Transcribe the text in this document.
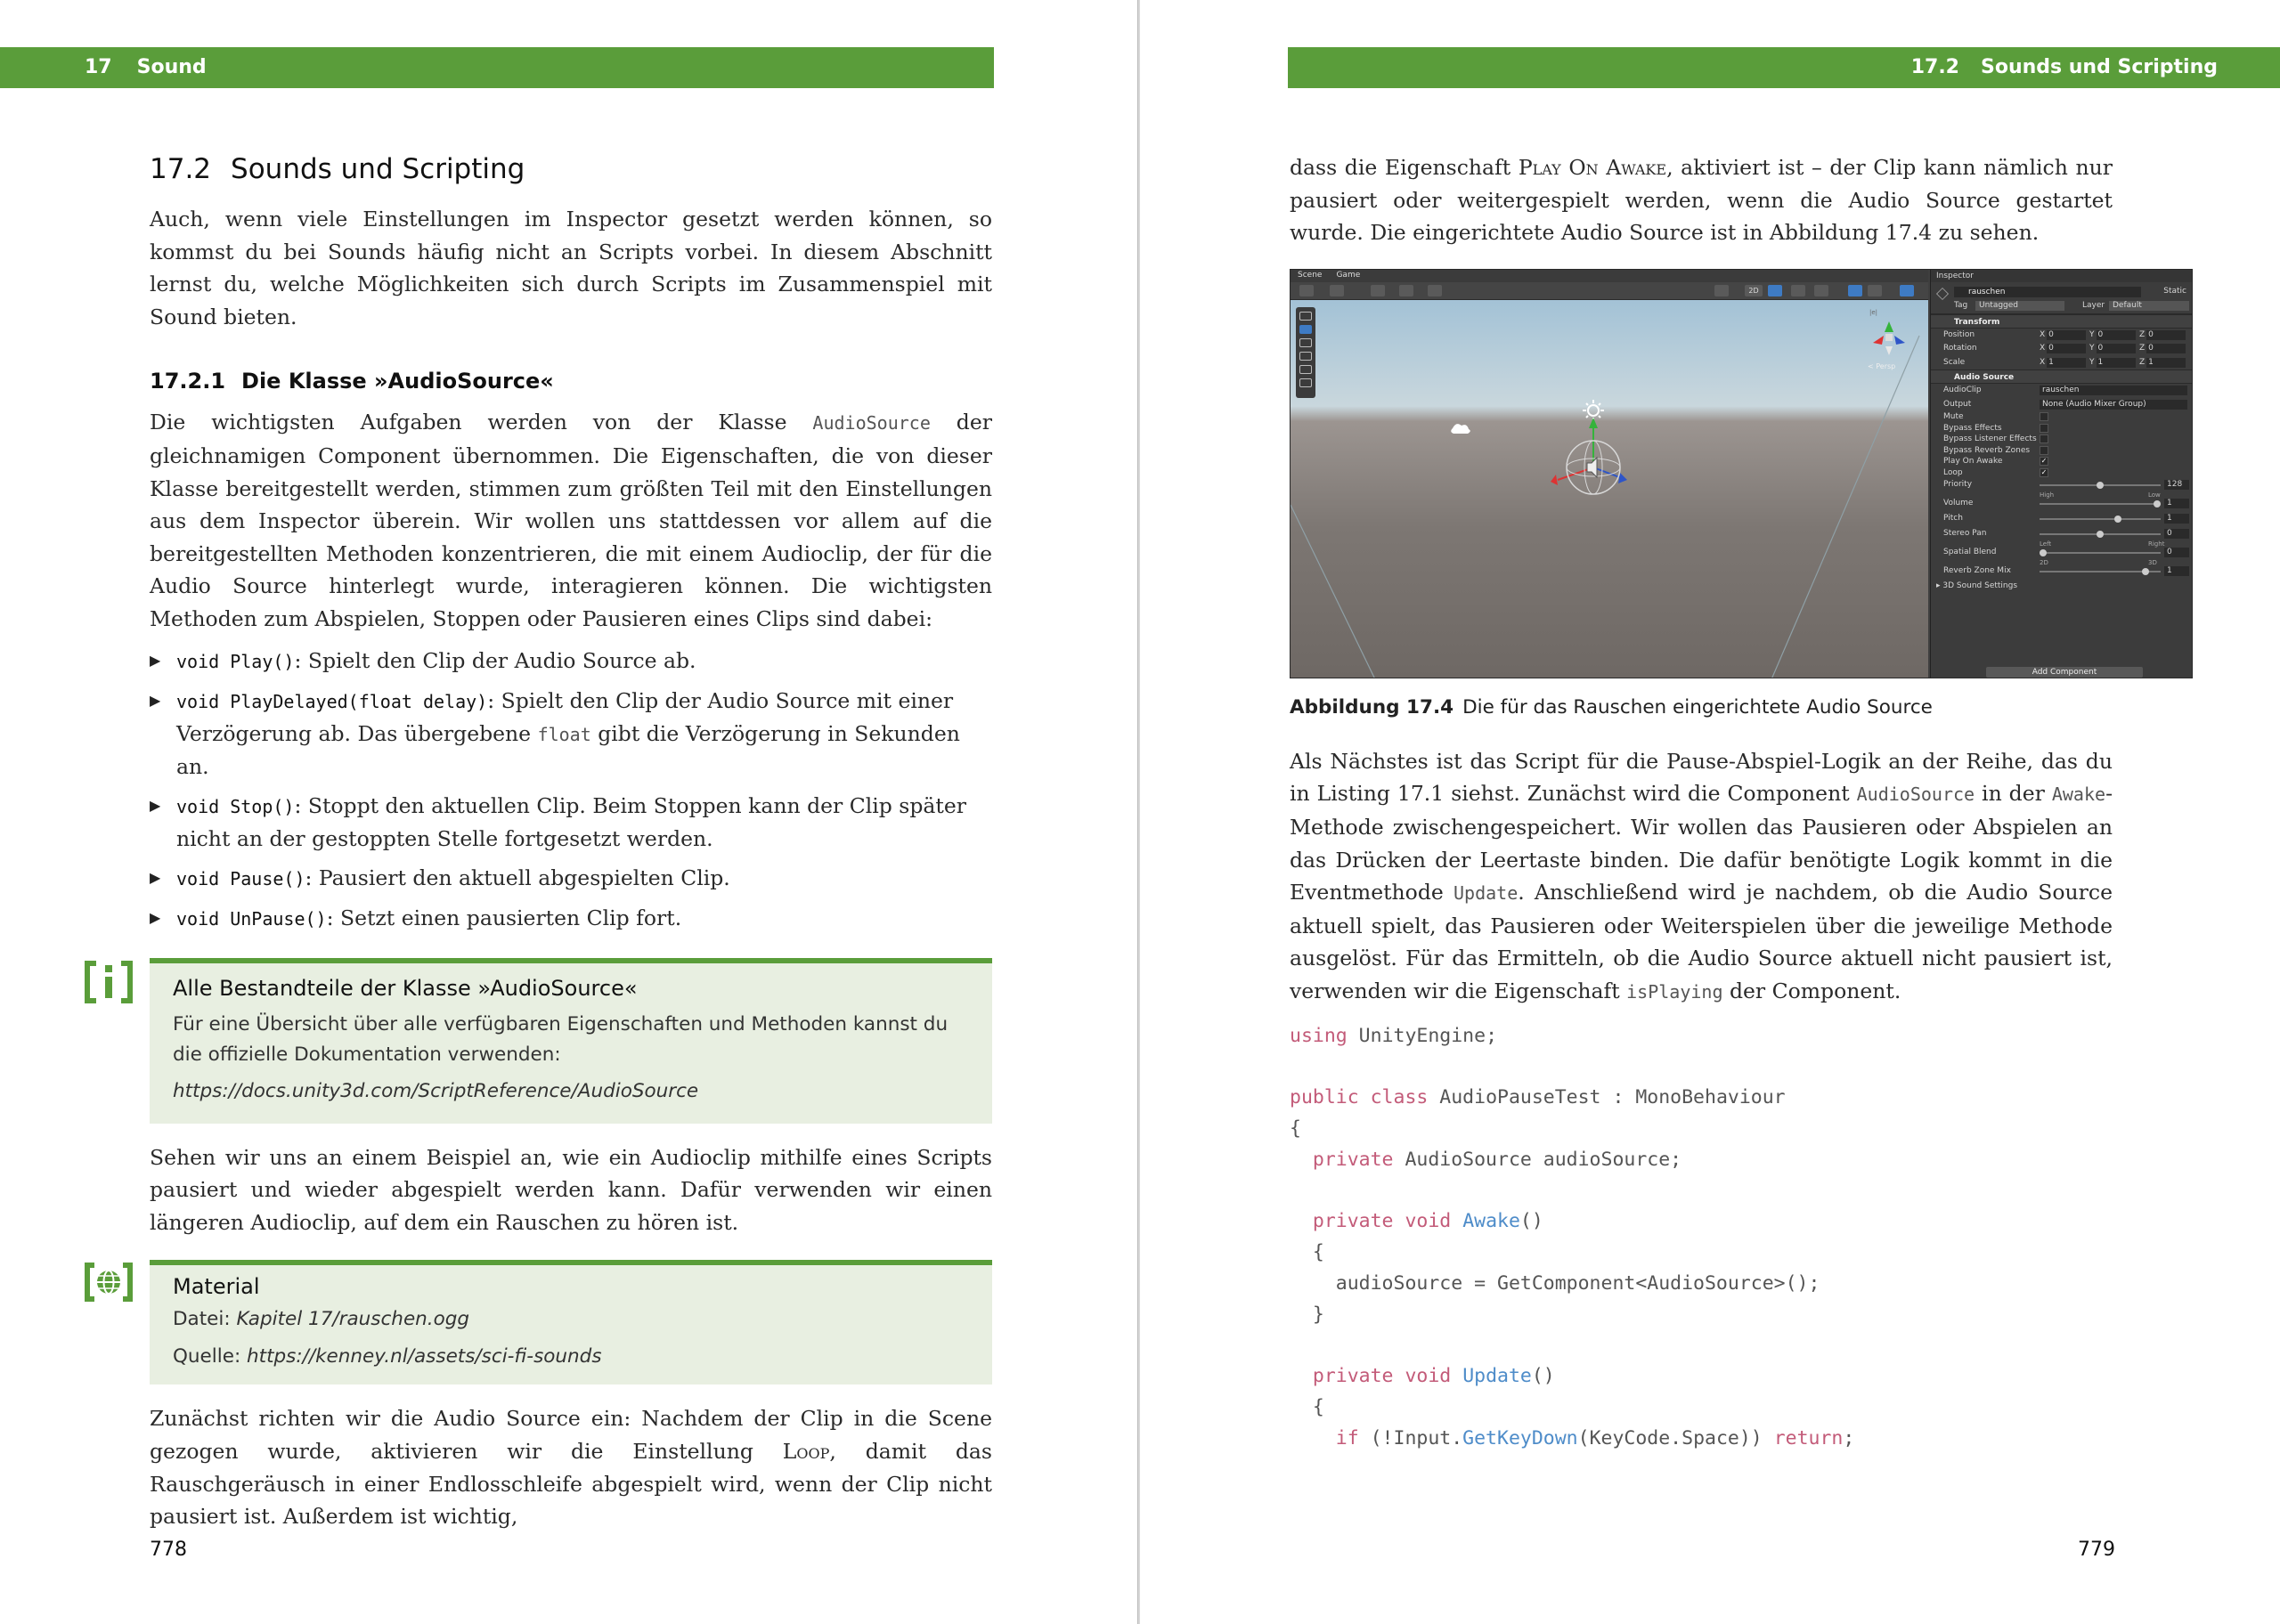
17 Sound
17.2 Sounds und Scripting

Auch, wenn viele Einstellungen im Inspector gesetzt werden können, so kommst du bei Sounds häufig nicht an Scripts vorbei. In diesem Abschnitt lernst du, welche Möglichkeiten sich durch Scripts im Zusammenspiel mit Sound bieten.

17.2.1 Die Klasse »AudioSource«

Die wichtigsten Aufgaben werden von der Klasse AudioSource der gleichnamigen Component übernommen. Die Eigenschaften, die von dieser Klasse bereitgestellt werden, stimmen zum größten Teil mit den Einstellungen aus dem Inspector überein. Wir wollen uns stattdessen vor allem auf die bereitgestellten Methoden konzentrieren, die mit einem Audioclip, der für die Audio Source hinterlegt wurde, interagieren können. Die wichtigsten Methoden zum Abspielen, Stoppen oder Pausieren eines Clips sind dabei:

▶ void Play(): Spielt den Clip der Audio Source ab.
▶ void PlayDelayed(float delay): Spielt den Clip der Audio Source mit einer Verzögerung ab. Das übergebene float gibt die Verzögerung in Sekunden an.
▶ void Stop(): Stoppt den aktuellen Clip. Beim Stoppen kann der Clip später nicht an der gestoppten Stelle fortgesetzt werden.
▶ void Pause(): Pausiert den aktuell abgespielten Clip.
▶ void UnPause(): Setzt einen pausierten Clip fort.
Alle Bestandteile der Klasse »AudioSource«
Für eine Übersicht über alle verfügbaren Eigenschaften und Methoden kannst du die offizielle Dokumentation verwenden:
https://docs.unity3d.com/ScriptReference/AudioSource

Sehen wir uns an einem Beispiel an, wie ein Audioclip mithilfe eines Scripts pausiert und wieder abgespielt werden kann. Dafür verwenden wir einen längeren Audioclip, auf dem ein Rauschen zu hören ist.

Material
Datei: Kapitel 17/rauschen.ogg
Quelle: https://kenney.nl/assets/sci-fi-sounds

Zunächst richten wir die Audio Source ein: Nachdem der Clip in die Scene gezogen wurde, aktivieren wir die Einstellung Loop, damit das Rauschgeräusch in einer Endlosschleife abgespielt wird, wenn der Clip nicht pausiert ist. Außerdem ist wichtig,

778
17.2 Sounds und Scripting

dass die Eigenschaft Play On Awake, aktiviert ist – der Clip kann nämlich nur pausiert oder weitergespielt werden, wenn die Audio Source gestartet wurde. Die eingerichtete Audio Source ist in Abbildung 17.4 zu sehen.

Scene Game
2D
|e|
< Persp
Inspector
rauschen	Static
Tag	Untagged	Layer Default
Transform
Position	X 0	Y 0	Z 0
Rotation	X 0	Y 0	Z 0
Scale	X 1	Y 1	Z 1
Audio Source
AudioClip	rauschen
Output	None (Audio Mixer Group)
Mute
Bypass Effects
Bypass Listener Effects
Bypass Reverb Zones
Play On Awake	✓
Loop	✓
Priority	128
High	Low
Volume	1
Pitch	1
Stereo Pan	0
Left	Right
Spatial Blend	0
2D	3D
Reverb Zone Mix	1
▸ 3D Sound Settings
Add Component
Abbildung 17.4 Die für das Rauschen eingerichtete Audio Source

Als Nächstes ist das Script für die Pause-Abspiel-Logik an der Reihe, das du in Listing 17.1 siehst. Zunächst wird die Component AudioSource in der Awake-Methode zwischengespeichert. Wir wollen das Pausieren oder Abspielen an das Drücken der Leertaste binden. Die dafür benötigte Logik kommt in die Eventmethode Update. Anschließend wird je nachdem, ob die Audio Source aktuell spielt, das Pausieren oder Weiterspielen über die jeweilige Methode ausgelöst. Für das Ermitteln, ob die Audio Source aktuell nicht pausiert ist, verwenden wir die Eigenschaft isPlaying der Component.

using UnityEngine;

public class AudioPauseTest : MonoBehaviour
{
private AudioSource audioSource;

private void Awake()
{
audioSource = GetComponent<AudioSource>();
}

private void Update()
{
if (!Input.GetKeyDown(KeyCode.Space)) return;
779
